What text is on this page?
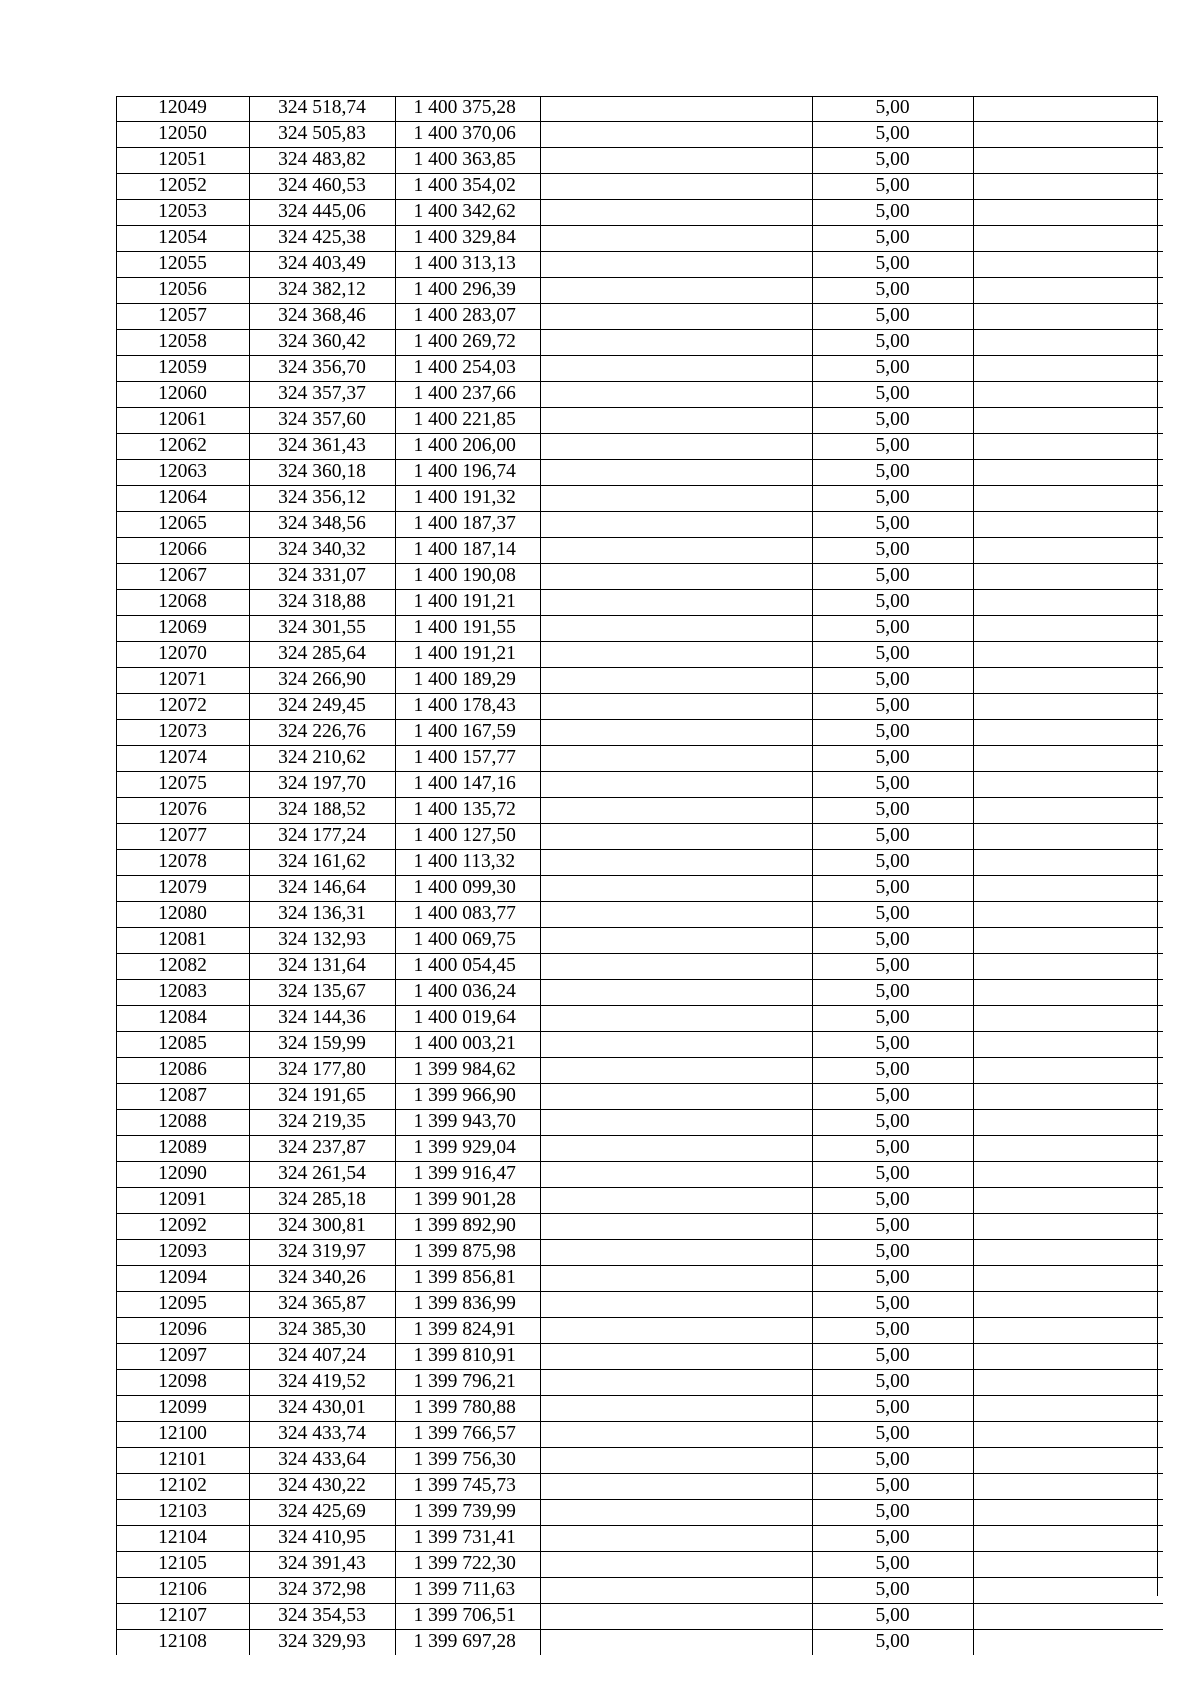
12049	324 518,74	1 400 375,28		5,00	
12050	324 505,83	1 400 370,06		5,00	
12051	324 483,82	1 400 363,85		5,00	
12052	324 460,53	1 400 354,02		5,00	
12053	324 445,06	1 400 342,62		5,00	
12054	324 425,38	1 400 329,84		5,00	
12055	324 403,49	1 400 313,13		5,00	
12056	324 382,12	1 400 296,39		5,00	
12057	324 368,46	1 400 283,07		5,00	
12058	324 360,42	1 400 269,72		5,00	
12059	324 356,70	1 400 254,03		5,00	
12060	324 357,37	1 400 237,66		5,00	
12061	324 357,60	1 400 221,85		5,00	
12062	324 361,43	1 400 206,00		5,00	
12063	324 360,18	1 400 196,74		5,00	
12064	324 356,12	1 400 191,32		5,00	
12065	324 348,56	1 400 187,37		5,00	
12066	324 340,32	1 400 187,14		5,00	
12067	324 331,07	1 400 190,08		5,00	
12068	324 318,88	1 400 191,21		5,00	
12069	324 301,55	1 400 191,55		5,00	
12070	324 285,64	1 400 191,21		5,00	
12071	324 266,90	1 400 189,29		5,00	
12072	324 249,45	1 400 178,43		5,00	
12073	324 226,76	1 400 167,59		5,00	
12074	324 210,62	1 400 157,77		5,00	
12075	324 197,70	1 400 147,16		5,00	
12076	324 188,52	1 400 135,72		5,00	
12077	324 177,24	1 400 127,50		5,00	
12078	324 161,62	1 400 113,32		5,00	
12079	324 146,64	1 400 099,30		5,00	
12080	324 136,31	1 400 083,77		5,00	
12081	324 132,93	1 400 069,75		5,00	
12082	324 131,64	1 400 054,45		5,00	
12083	324 135,67	1 400 036,24		5,00	
12084	324 144,36	1 400 019,64		5,00	
12085	324 159,99	1 400 003,21		5,00	
12086	324 177,80	1 399 984,62		5,00	
12087	324 191,65	1 399 966,90		5,00	
12088	324 219,35	1 399 943,70		5,00	
12089	324 237,87	1 399 929,04		5,00	
12090	324 261,54	1 399 916,47		5,00	
12091	324 285,18	1 399 901,28		5,00	
12092	324 300,81	1 399 892,90		5,00	
12093	324 319,97	1 399 875,98		5,00	
12094	324 340,26	1 399 856,81		5,00	
12095	324 365,87	1 399 836,99		5,00	
12096	324 385,30	1 399 824,91		5,00	
12097	324 407,24	1 399 810,91		5,00	
12098	324 419,52	1 399 796,21		5,00	
12099	324 430,01	1 399 780,88		5,00	
12100	324 433,74	1 399 766,57		5,00	
12101	324 433,64	1 399 756,30		5,00	
12102	324 430,22	1 399 745,73		5,00	
12103	324 425,69	1 399 739,99		5,00	
12104	324 410,95	1 399 731,41		5,00	
12105	324 391,43	1 399 722,30		5,00	
12106	324 372,98	1 399 711,63		5,00	
12107	324 354,53	1 399 706,51		5,00	
12108	324 329,93	1 399 697,28		5,00	
